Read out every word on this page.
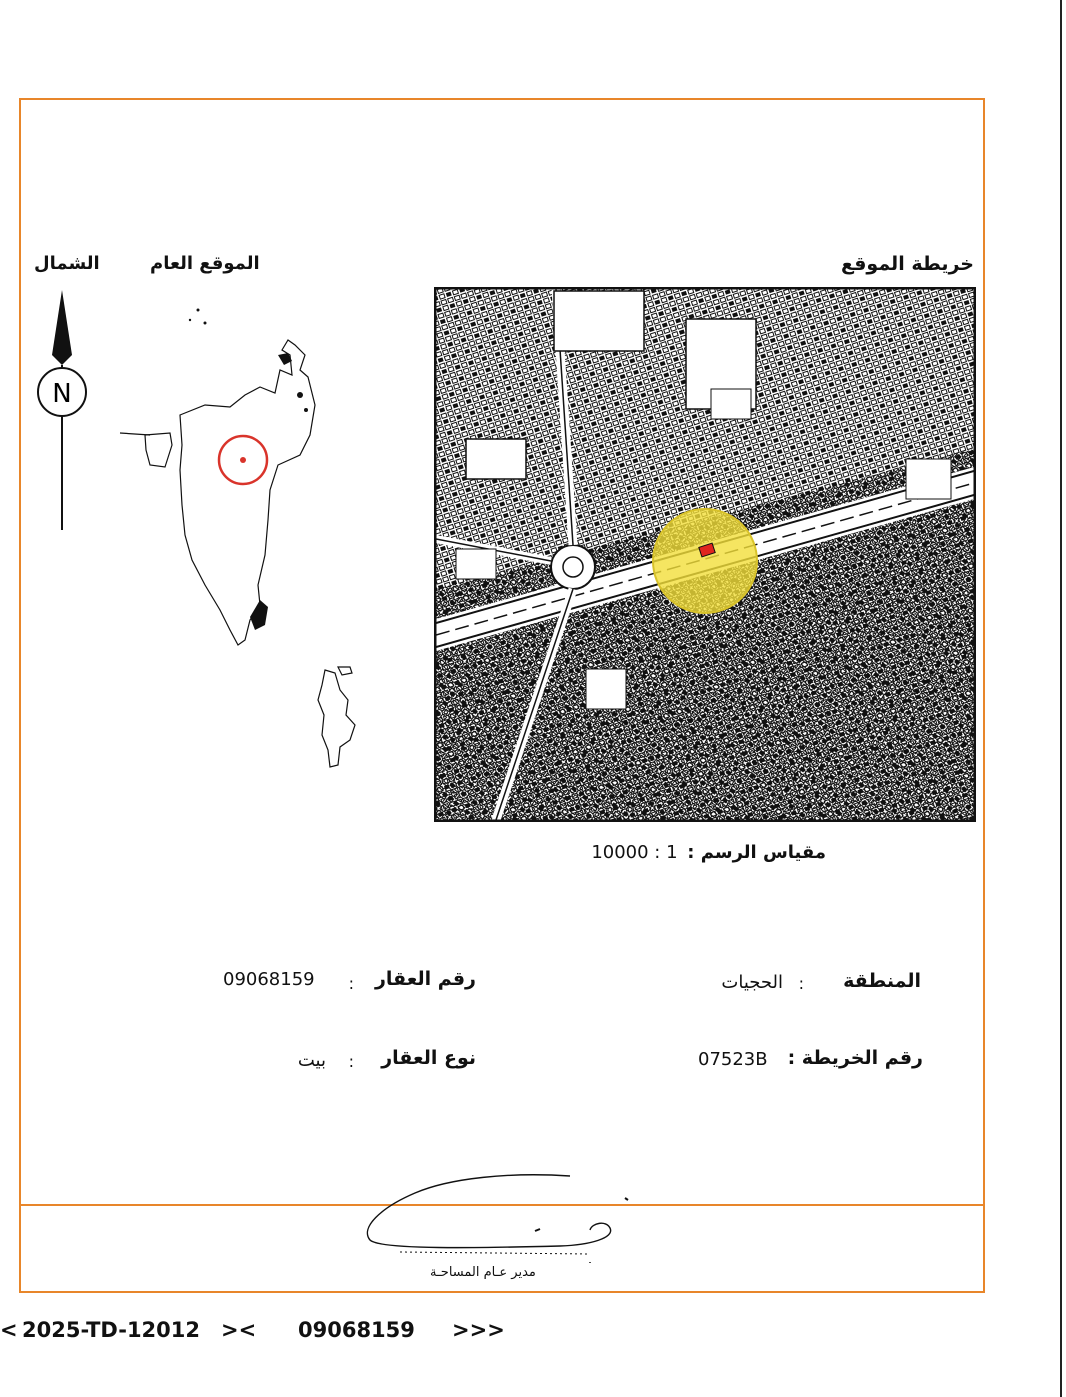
خريطة الموقع
الموقع العام
الشمال
N
مقياس الرسم : 1 : 10000
المنطقة
:
الحجيات
رقم العقار
:
09068159
رقم الخريطة :
07523B
نوع العقار
:
بيت
مدير عـام المساحـة
< 2025-TD-12012 >< 09068159 >>>
